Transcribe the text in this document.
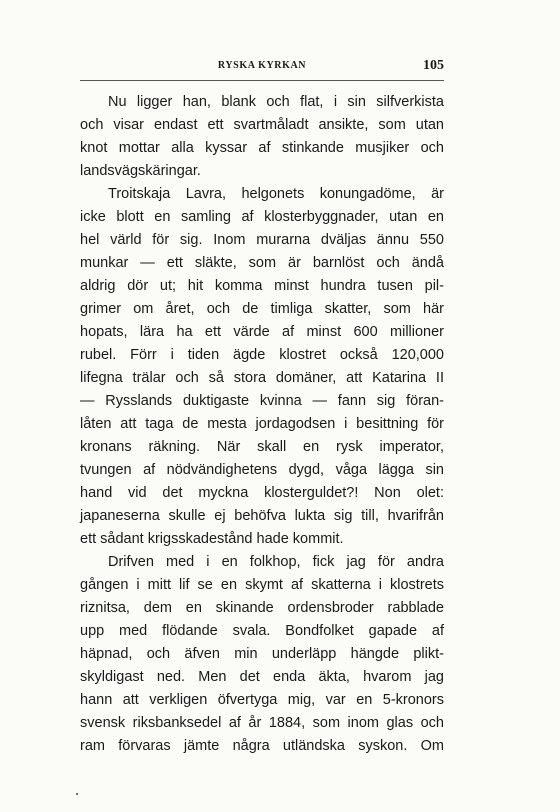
RYSKA KYRKAN	105

Nu ligger han, blank och flat, i sin silfverkista
och visar endast ett svartmåladt ansikte, som utan
knot mottar alla kyssar af stinkande musjiker och
landsvägskäringar.

Troitskaja Lavra, helgonets konungadöme, är
icke blott en samling af klosterbyggnader, utan en
hel värld för sig. Inom murarna dväljas ännu 550
munkar — ett släkte, som är barnlöst och ändå
aldrig dör ut; hit komma minst hundra tusen pil-
grimer om året, och de timliga skatter, som här
hopats, lära ha ett värde af minst 600 millioner
rubel. Förr i tiden ägde klostret också 120,000
lifegna trälar och så stora domäner, att Katarina II
— Rysslands duktigaste kvinna — fann sig föran-
låten att taga de mesta jordagodsen i besittning för
kronans räkning. När skall en rysk imperator,
tvungen af nödvändighetens dygd, våga lägga sin
hand vid det myckna klosterguldet?! Non olet:
japaneserna skulle ej behöfva lukta sig till, hvarifrån
ett sådant krigsskadestånd hade kommit.

Drifven med i en folkhop, fick jag för andra
gången i mitt lif se en skymt af skatterna i klostrets
riznitsa, dem en skinande ordensbroder rabblade
upp med flödande svala. Bondfolket gapade af
häpnad, och äfven min underläpp hängde plikt-
skyldigast ned. Men det enda äkta, hvarom jag
hann att verkligen öfvertyga mig, var en 5-kronors
svensk riksbanksedel af år 1884, som inom glas och
ram förvaras jämte några utländska syskon. Om
